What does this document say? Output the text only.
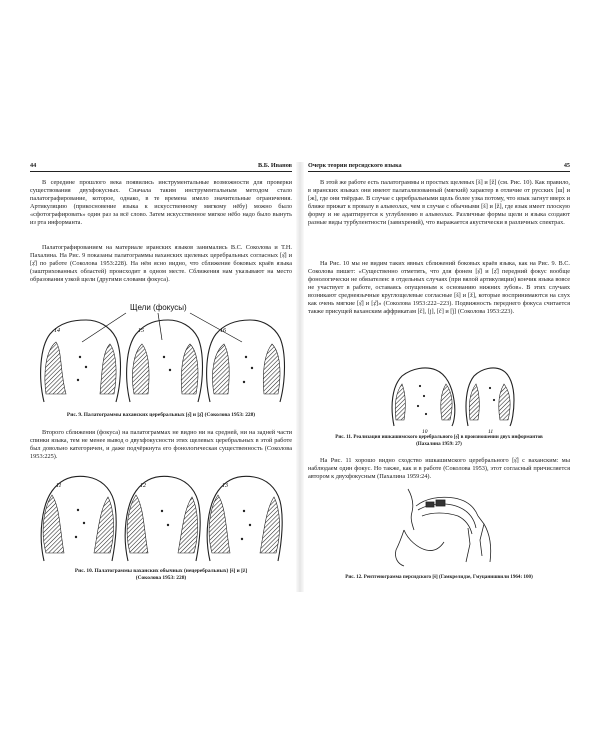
44	В.Б. Иванов

В середине прошлого века появились инструментальные возможности для проверки существования двухфокусных. Сначала таким инструментальным методом стало палатографирование, которое, однако, в те времена имело значительные ограничения. Артикуляцию (прикосновение языка к искусственному мягкому нёбу) можно было «сфотографировать» один раз за всё слово. Затем искусственное мягкое нёбо надо было вынуть из рта информанта.

Палатографированием на материале иранских языков занимались В.С. Соколова и Т.Н. Пахалина. На Рис. 9 показаны палатограммы ваханских щелевых церебральных согласных [ṣ̌] и [ẓ̌] по работе (Соколова 1953:228). На нём ясно видно, что сближение боковых краёв языка (заштрихованных областей) происходит в одном месте. Сближения нам указывают на место образования узкой щели (другими словами фокуса).

Щели (фокусы)
14	15	16
Рис. 9. Палатограммы ваханских церебральных [ṣ̌] и [ẓ̌] (Соколова 1953: 228)

Второго сближения (фокуса) на палатограммах не видно ни на средней, ни на задней части спинки языка, тем не менее вывод о двухфокусности этих щелевых церебральных в этой работе был довольно категоричен, и даже подчёркнута его фонологическая существенность (Соколова 1953:225).

11	12	13
Рис. 10. Палатограммы ваханских обычных (нецеребральных) [š] и [ž]
(Соколова 1953: 228)
Очерк теории персидского языка	45

В этой же работе есть палатограммы и простых щелевых [š] и [ž] (см. Рис. 10). Как правило, в иранских языках они имеют палатализованный (мягкий) характер в отличие от русских [ш] и [ж], где они твёрдые. В случае с церебральными щель более узка потому, что язык загнут вверх и ближе прижат к провалу в альвеолах, чем в случае с обычными [š] и [ž], где язык имеет плоскую форму и не адаптируется к углублению в альвеолах. Различные формы щели и языка создают разные виды турбулентности (завихрений), что выражается акустически в различных спектрах.

На Рис. 10 мы не видим таких явных сближений боковых краёв языка, как на Рис. 9. В.С. Соколова пишет: «Существенно отметить, что для фонем [ṣ̌] и [ẓ̌] передний фокус вообще фонологически не обязателен: в отдельных случаях (при вялой артикуляции) кончик языка вовсе не участвует в работе, оставаясь опущенным к основанию нижних зубов». В этих случаях возникают среднеязычные круглощелевые согласные [š] и [ž], которые воспринимаются на слух как очень мягкие [ṣ̌] и [ẓ̌]» (Соколова 1953:222–223). Подвижность переднего фокуса считается также присущей ваханским аффрикатам [č], [j], [č] и [ǰ] (Соколова 1953:223).

10	11
Рис. 11. Реализация ишкашимского церебрального [ṣ̌] в произношении двух информантов
(Пахалина 1959: 27)

На Рис. 11 хорошо видно сходство ишкашимского церебрального [ṣ̌] с ваханским: мы наблюдаем один фокус. Но также, как и в работе (Соколова 1953), этот согласный причисляется автором к двухфокусным (Пахалина 1959:24).

Рис. 12. Рентгенограмма персидского [š] (Гамкрелидзе, Гмуцанишвили 1964: 100)
